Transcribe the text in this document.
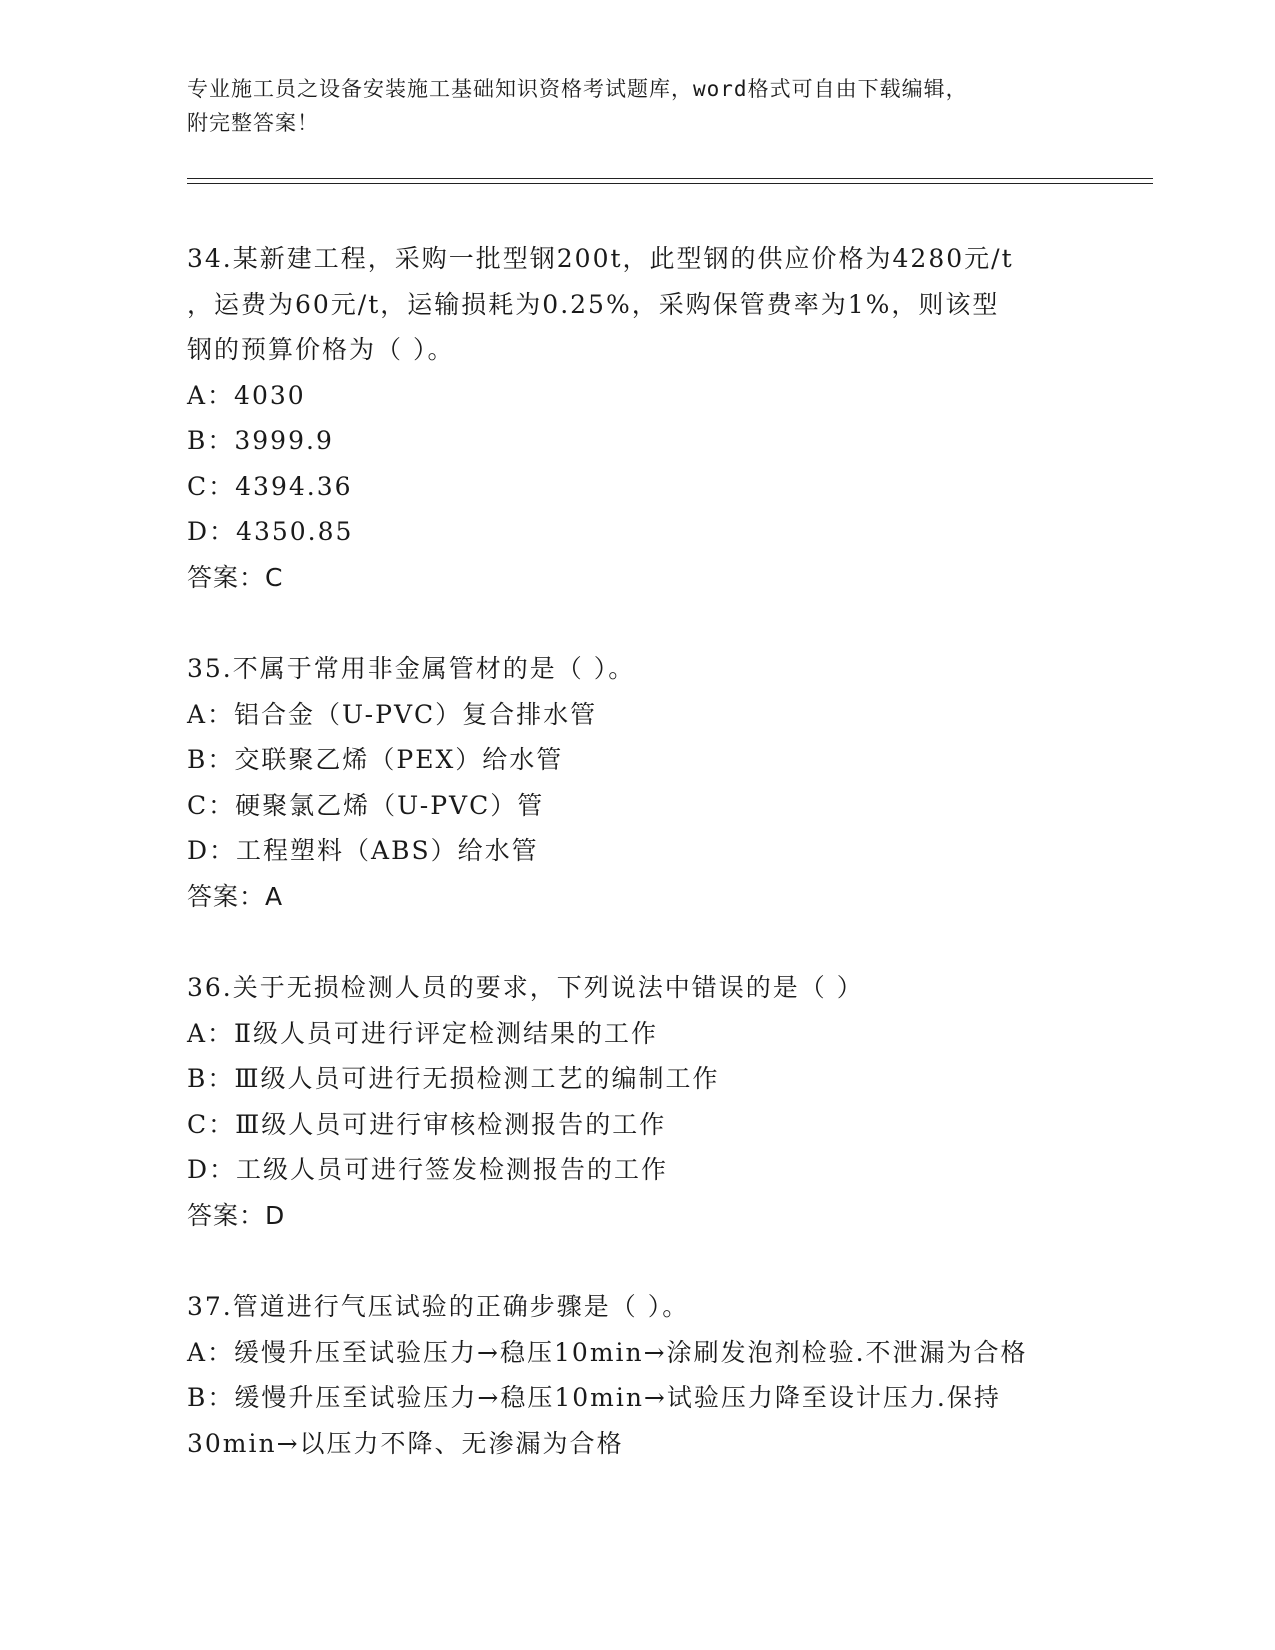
专业施工员之设备安装施工基础知识资格考试题库，word格式可自由下载编辑，
附完整答案！
34.某新建工程，采购一批型钢200t，此型钢的供应价格为4280元/t
，运费为60元/t，运输损耗为0.25%，采购保管费率为1%，则该型
钢的预算价格为（ ）。
A：4030
B：3999.9
C：4394.36
D：4350.85
答案：C
35.不属于常用非金属管材的是（ ）。
A：铝合金（U-PVC）复合排水管
B：交联聚乙烯（PEX）给水管
C：硬聚氯乙烯（U-PVC）管
D：工程塑料（ABS）给水管
答案：A
36.关于无损检测人员的要求，下列说法中错误的是（ ）
A：Ⅱ级人员可进行评定检测结果的工作
B：Ⅲ级人员可进行无损检测工艺的编制工作
C：Ⅲ级人员可进行审核检测报告的工作
D：工级人员可进行签发检测报告的工作
答案：D
37.管道进行气压试验的正确步骤是（ ）。
A：缓慢升压至试验压力→稳压10min→涂刷发泡剂检验.不泄漏为合格
B：缓慢升压至试验压力→稳压10min→试验压力降至设计压力.保持
30min→以压力不降、无渗漏为合格
